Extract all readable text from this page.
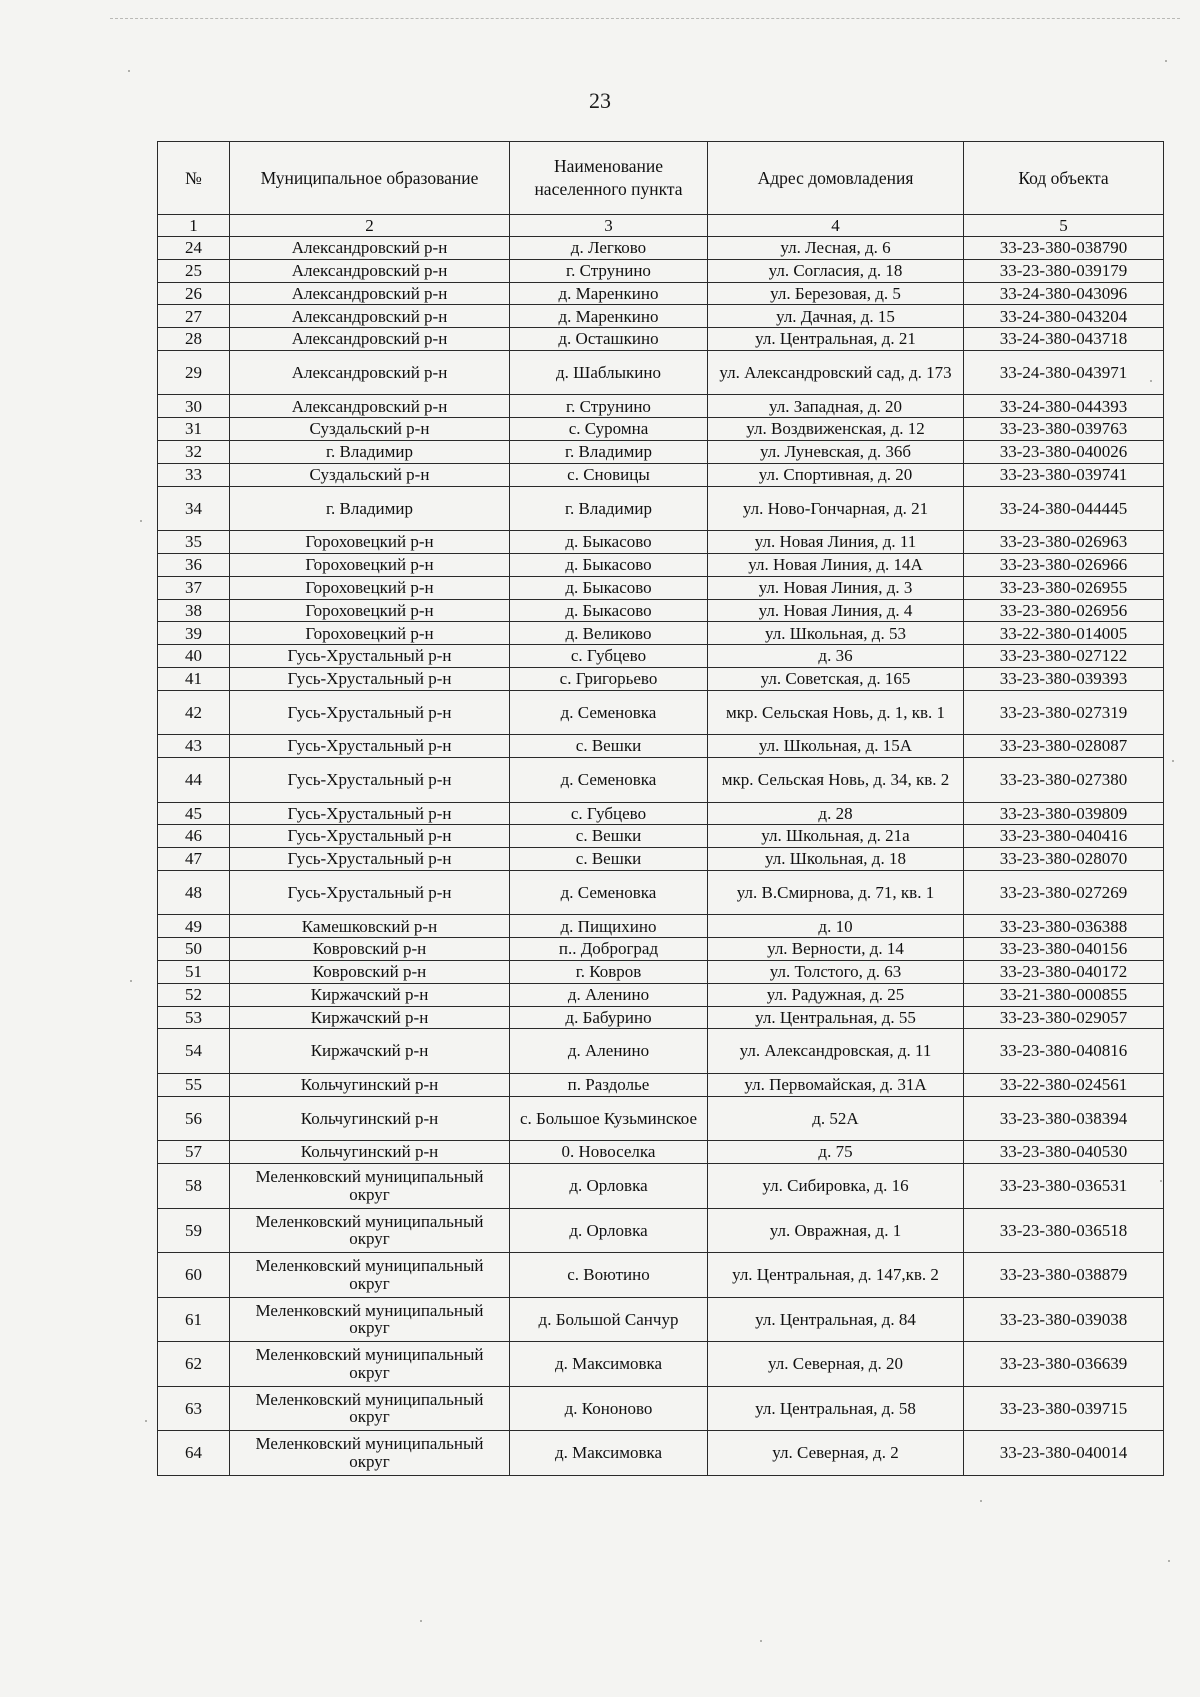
23
№	Муниципальное образование	Наименование населенного пункта	Адрес домовладения	Код объекта
1	2	3	4	5
24	Александровский р-н	д. Легково	ул. Лесная, д. 6	33-23-380-038790
25	Александровский р-н	г. Струнино	ул. Согласия, д. 18	33-23-380-039179
26	Александровский р-н	д. Маренкино	ул. Березовая, д. 5	33-24-380-043096
27	Александровский р-н	д. Маренкино	ул. Дачная, д. 15	33-24-380-043204
28	Александровский р-н	д. Осташкино	ул. Центральная, д. 21	33-24-380-043718
29	Александровский р-н	д. Шаблыкино	ул. Александровский сад, д. 173	33-24-380-043971
30	Александровский р-н	г. Струнино	ул. Западная, д. 20	33-24-380-044393
31	Суздальский р-н	с. Суромна	ул. Воздвиженская, д. 12	33-23-380-039763
32	г. Владимир	г. Владимир	ул. Луневская, д. 36б	33-23-380-040026
33	Суздальский р-н	с. Сновицы	ул. Спортивная, д. 20	33-23-380-039741
34	г. Владимир	г. Владимир	ул. Ново-Гончарная, д. 21	33-24-380-044445
35	Гороховецкий р-н	д. Быкасово	ул. Новая Линия, д. 11	33-23-380-026963
36	Гороховецкий р-н	д. Быкасово	ул. Новая Линия, д. 14А	33-23-380-026966
37	Гороховецкий р-н	д. Быкасово	ул. Новая Линия, д. 3	33-23-380-026955
38	Гороховецкий р-н	д. Быкасово	ул. Новая Линия, д. 4	33-23-380-026956
39	Гороховецкий р-н	д. Великово	ул. Школьная, д. 53	33-22-380-014005
40	Гусь-Хрустальный р-н	с. Губцево	д. 36	33-23-380-027122
41	Гусь-Хрустальный р-н	с. Григорьево	ул. Советская, д. 165	33-23-380-039393
42	Гусь-Хрустальный р-н	д. Семеновка	мкр. Сельская Новь, д. 1, кв. 1	33-23-380-027319
43	Гусь-Хрустальный р-н	с. Вешки	ул. Школьная, д. 15А	33-23-380-028087
44	Гусь-Хрустальный р-н	д. Семеновка	мкр. Сельская Новь, д. 34, кв. 2	33-23-380-027380
45	Гусь-Хрустальный р-н	с. Губцево	д. 28	33-23-380-039809
46	Гусь-Хрустальный р-н	с. Вешки	ул. Школьная, д. 21а	33-23-380-040416
47	Гусь-Хрустальный р-н	с. Вешки	ул. Школьная, д. 18	33-23-380-028070
48	Гусь-Хрустальный р-н	д. Семеновка	ул. В.Смирнова, д. 71, кв. 1	33-23-380-027269
49	Камешковский р-н	д. Пищихино	д. 10	33-23-380-036388
50	Ковровский р-н	п.. Доброград	ул. Верности, д. 14	33-23-380-040156
51	Ковровский р-н	г. Ковров	ул. Толстого, д. 63	33-23-380-040172
52	Киржачский р-н	д. Аленино	ул. Радужная, д. 25	33-21-380-000855
53	Киржачский р-н	д. Бабурино	ул. Центральная, д. 55	33-23-380-029057
54	Киржачский р-н	д. Аленино	ул. Александровская, д. 11	33-23-380-040816
55	Кольчугинский р-н	п. Раздолье	ул. Первомайская, д. 31А	33-22-380-024561
56	Кольчугинский р-н	с. Большое Кузьминское	д. 52А	33-23-380-038394
57	Кольчугинский р-н	0. Новоселка	д. 75	33-23-380-040530
58	Меленковский муниципальный округ	д. Орловка	ул. Сибировка, д. 16	33-23-380-036531
59	Меленковский муниципальный округ	д. Орловка	ул. Овражная, д. 1	33-23-380-036518
60	Меленковский муниципальный округ	с. Воютино	ул. Центральная, д. 147,кв. 2	33-23-380-038879
61	Меленковский муниципальный округ	д. Большой Санчур	ул. Центральная, д. 84	33-23-380-039038
62	Меленковский муниципальный округ	д. Максимовка	ул. Северная, д. 20	33-23-380-036639
63	Меленковский муниципальный округ	д. Кононово	ул. Центральная, д. 58	33-23-380-039715
64	Меленковский муниципальный округ	д. Максимовка	ул. Северная, д. 2	33-23-380-040014
